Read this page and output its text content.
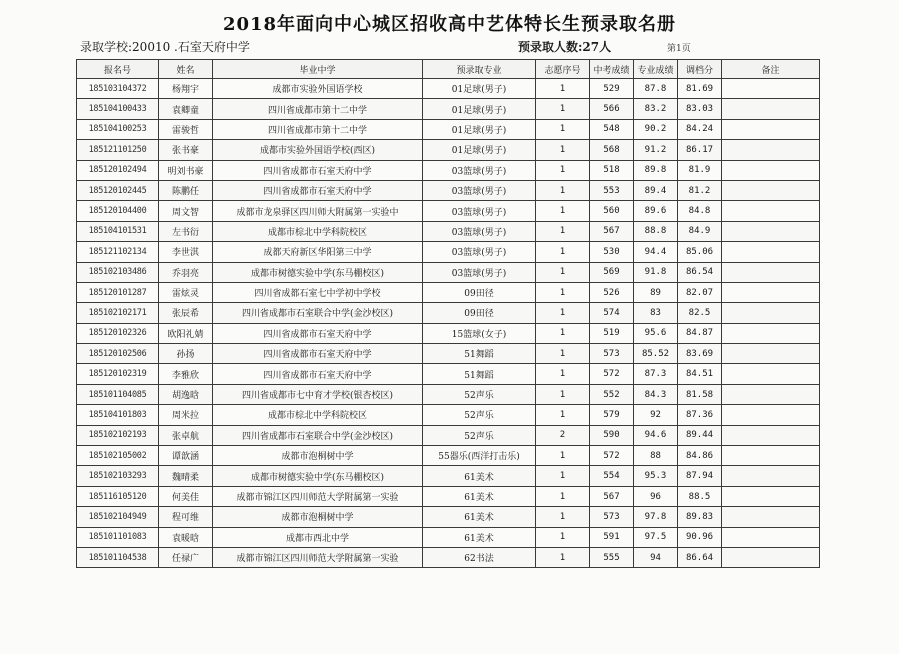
2018年面向中心城区招收高中艺体特长生预录取名册
录取学校:20010 .石室天府中学	预录取人数:27人	第1页
报名号	姓名	毕业中学	预录取专业	志愿序号	中考成绩	专业成绩	调档分	备注
185103104372	杨翔宇	成都市实验外国语学校	01足球(男子)	1	529	87.8	81.69	
185104100433	袁卿童	四川省成都市第十二中学	01足球(男子)	1	566	83.2	83.03	
185104100253	雷骏哲	四川省成都市第十二中学	01足球(男子)	1	548	90.2	84.24	
185121101250	张书豪	成都市实验外国语学校(西区)	01足球(男子)	1	568	91.2	86.17	
185120102494	明刘书豪	四川省成都市石室天府中学	03篮球(男子)	1	518	89.8	81.9	
185120102445	陈鹏任	四川省成都市石室天府中学	03篮球(男子)	1	553	89.4	81.2	
185120104400	周文智	成都市龙泉驿区四川师大附属第一实验中	03篮球(男子)	1	560	89.6	84.8	
185104101531	左书衍	成都市棕北中学科院校区	03篮球(男子)	1	567	88.8	84.9	
185121102134	李世淇	成都天府新区华阳第三中学	03篮球(男子)	1	530	94.4	85.06	
185102103486	乔羽亮	成都市树德实验中学(东马棚校区)	03篮球(男子)	1	569	91.8	86.54	
185120101287	雷炫灵	四川省成都石室七中学初中学校	09田径	1	526	89	82.07	
185102102171	张辰希	四川省成都市石室联合中学(金沙校区)	09田径	1	574	83	82.5	
185120102326	欧阳礼婧	四川省成都市石室天府中学	15篮球(女子)	1	519	95.6	84.87	
185120102506	孙扬	四川省成都市石室天府中学	51舞蹈	1	573	85.52	83.69	
185120102319	李雅欣	四川省成都市石室天府中学	51舞蹈	1	572	87.3	84.51	
185101104085	胡逸晗	四川省成都市七中育才学校(银杏校区)	52声乐	1	552	84.3	81.58	
185104101803	周米拉	成都市棕北中学科院校区	52声乐	1	579	92	87.36	
185102102193	张卓航	四川省成都市石室联合中学(金沙校区)	52声乐	2	590	94.6	89.44	
185102105002	谭歆涵	成都市泡桐树中学	55器乐(西洋打击乐)	1	572	88	84.86	
185102103293	魏晴柔	成都市树德实验中学(东马棚校区)	61美术	1	554	95.3	87.94	
185116105120	何美佳	成都市锦江区四川师范大学附属第一实验	61美术	1	567	96	88.5	
185102104949	程可维	成都市泡桐树中学	61美术	1	573	97.8	89.83	
185101101083	袁暖晗	成都市西北中学	61美术	1	591	97.5	90.96	
185101104538	任禄广	成都市锦江区四川师范大学附属第一实验	62书法	1	555	94	86.64	
